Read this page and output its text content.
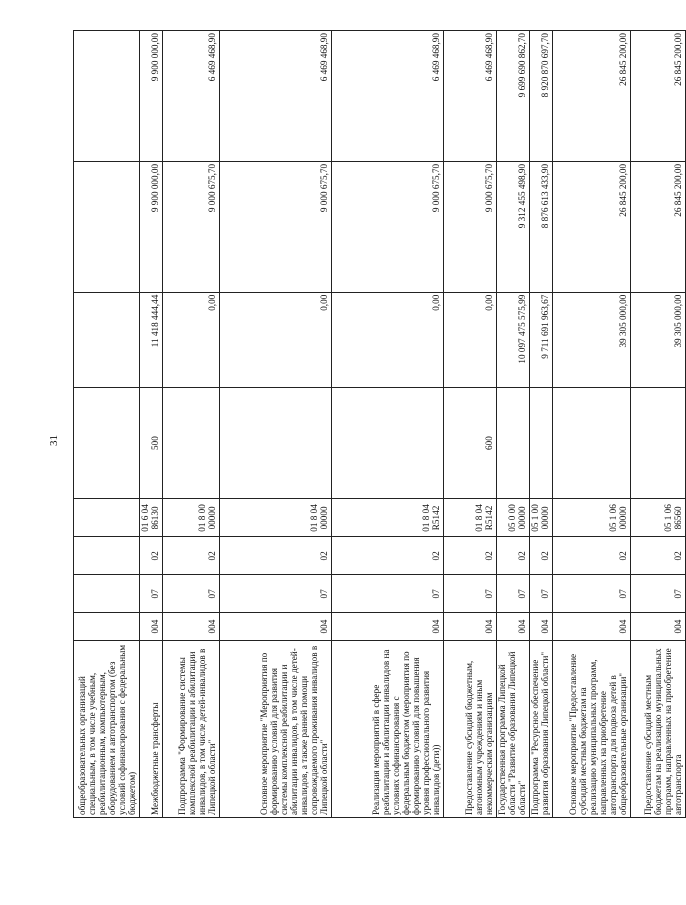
31
общеобразовательных организаций специальным, в том числе учебным, реабилитационным, компьютерным, оборудованием и автотранспортом (без условий софинансирования с федеральным бюджетом)								
Межбюджетные трансферты	004	07	02	01 6 04 86130	500	11 418 444,44	9 900 000,00	9 900 000,00
Подпрограмма "Формирование системы комплексной реабилитации и абилитации инвалидов, в том числе детей-инвалидов в Липецкой области"	004	07	02	01 8 00 00000		0,00	9 000 675,70	6 469 468,90
Основное мероприятие "Мероприятия по формированию условий для развития системы комплексной реабилитации и абилитации инвалидов, в том числе детей-инвалидов, а также ранней помощи сопровождаемого проживания инвалидов в Липецкой области"	004	07	02	01 8 04 00000		0,00	9 000 675,70	6 469 468,90
Реализация мероприятий в сфере реабилитации и абилитации инвалидов на условиях софинансирования с федеральным бюджетом (мероприятия по формированию условий для повышения уровня профессионального развития инвалидов (дети))	004	07	02	01 8 04 R5142		0,00	9 000 675,70	6 469 468,90
Предоставление субсидий бюджетным, автономным учреждениям и иным некоммерческим организациям	004	07	02	01 8 04 R5142	600	0,00	9 000 675,70	6 469 468,90
Государственная программа Липецкой области "Развитие образования Липецкой области"	004	07	02	05 0 00 00000		10 097 475 575,99	9 312 455 498,90	9 699 690 862,70
Подпрограмма "Ресурсное обеспечение развития образования Липецкой области"	004	07	02	05 1 00 00000		9 711 691 963,67	8 876 613 433,90	8 920 870 697,70
Основное мероприятие "Предоставление субсидий местным бюджетам на реализацию муниципальных программ, направленных на приобретение автотранспорта для подвоза детей в общеобразовательные организации"	004	07	02	05 1 06 00000		39 305 000,00	26 845 200,00	26 845 200,00
Предоставление субсидий местным бюджетам на реализацию муниципальных программ, направленных на приобретение автотранспорта	004	07	02	05 1 06 86560		39 305 000,00	26 845 200,00	26 845 200,00
